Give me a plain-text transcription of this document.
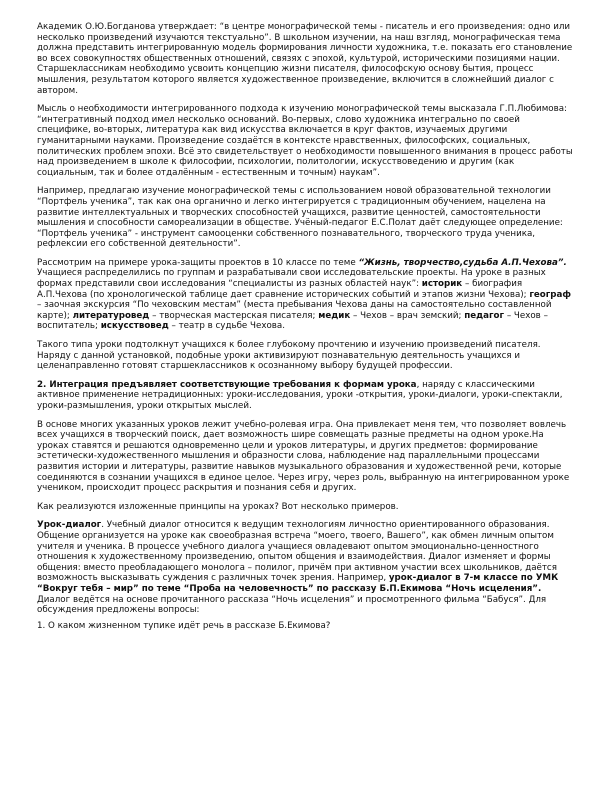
Академик О.Ю.Богданова утверждает: “в центре монографической темы - писатель и его произведения: одно или несколько произведений изучаются текстуально”. В школьном изучении, на наш взгляд, монографическая тема должна представить интегрированную модель формирования личности художника, т.е. показать его становление во всех совокупностях общественных отношений, связях с эпохой, культурой, историческими позициями нации. Старшеклассникам необходимо усвоить концепцию жизни писателя, философскую основу бытия, процесс мышления, результатом которого является художественное произведение, включится в сложнейший диалог с автором.

Мысль о необходимости интегрированного подхода к изучению монографической темы высказала Г.П.Любимова: “интегративный подход имел несколько оснований. Во-первых, слово художника интегрально по своей специфике, во-вторых, литература как вид искусства включается в круг фактов, изучаемых другими гуманитарными науками. Произведение создаётся в контексте нравственных, философских, социальных, политических проблем эпохи. Всё это свидетельствует о необходимости повышенного внимания в процесс работы над произведением в школе к философии, психологии, политологии, искусствоведению и другим (как социальным, так и более отдалённым - естественным и точным) наукам”.

Например, предлагаю изучение монографической темы с использованием новой образовательной технологии “Портфель ученика”, так как она органично и легко интегрируется с традиционным обучением, нацелена на развитие интеллектуальных и творческих способностей учащихся, развитие ценностей, самостоятельности мышления и способности самореализации в обществе. Учёный-педагог Е.С.Полат даёт следующее определение: “Портфель ученика” - инструмент самооценки собственного познавательного, творческого труда ученика, рефлексии его собственной деятельности”.

Рассмотрим на примере урока-защиты проектов в 10 классе по теме “Жизнь, творчество,судьба А.П.Чехова”. Учащиеся распределились по группам и разрабатывали свои исследовательские проекты. На уроке в разных формах представили свои исследования “специалисты из разных областей наук”: историк – биография А.П.Чехова (по хронологической таблице дает сравнение исторических событий и этапов жизни Чехова); географ – заочная экскурсия “По чеховским местам” (места пребывания Чехова даны на самостоятельно составленной карте); литературовед – творческая мастерская писателя; медик – Чехов – врач земский; педагог – Чехов – воспитатель; искусствовед – театр в судьбе Чехова.

Такого типа уроки подтолкнут учащихся к более глубокому прочтению и изучению произведений писателя. Наряду с данной установкой, подобные уроки активизируют познавательную деятельность учащихся и целенаправленно готовят старшеклассников к осознанному выбору будущей профессии.

2. Интеграция предъявляет соответствующие требования к формам урока, наряду с классическими активное применение нетрадиционных: уроки-исследования, уроки -открытия, уроки-диалоги, уроки-спектакли, уроки-размышления, уроки открытых мыслей.

В основе многих указанных уроков лежит учебно-ролевая игра. Она привлекает меня тем, что позволяет вовлечь всех учащихся в творческий поиск, дает возможность шире совмещать разные предметы на одном уроке.На уроках ставятся и решаются одновременно цели и уроков литературы, и других предметов: формирование эстетически-художественного мышления и образности слова, наблюдение над параллельными процессами развития истории и литературы, развитие навыков музыкального образования и художественной речи, которые соединяются в сознании учащихся в единое целое. Через игру, через роль, выбранную на интегрированном уроке учеником, происходит процесс раскрытия и познания себя и других.

Как реализуются изложенные принципы на уроках? Вот несколько примеров.

Урок-диалог. Учебный диалог относится к ведущим технологиям личностно ориентированного образования. Общение организуется на уроке как своеобразная встреча “моего, твоего, Вашего”, как обмен личным опытом учителя и ученика. В процессе учебного диалога учащиеся овладевают опытом эмоционально-ценностного отношения к художественному произведению, опытом общения и взаимодействия. Диалог изменяет и формы общения: вместо преобладающего монолога – полилог, причём при активном участии всех школьников, даётся возможность высказывать суждения с различных точек зрения. Например, урок-диалог в 7-м классе по УМК “Вокруг тебя – мир” по теме “Проба на человечность” по рассказу Б.П.Екимова “Ночь исцеления”. Диалог ведётся на основе прочитанного рассказа “Ночь исцеления” и просмотренного фильма “Бабуся”. Для обсуждения предложены вопросы:

1. О каком жизненном тупике идёт речь в рассказе Б.Екимова?
